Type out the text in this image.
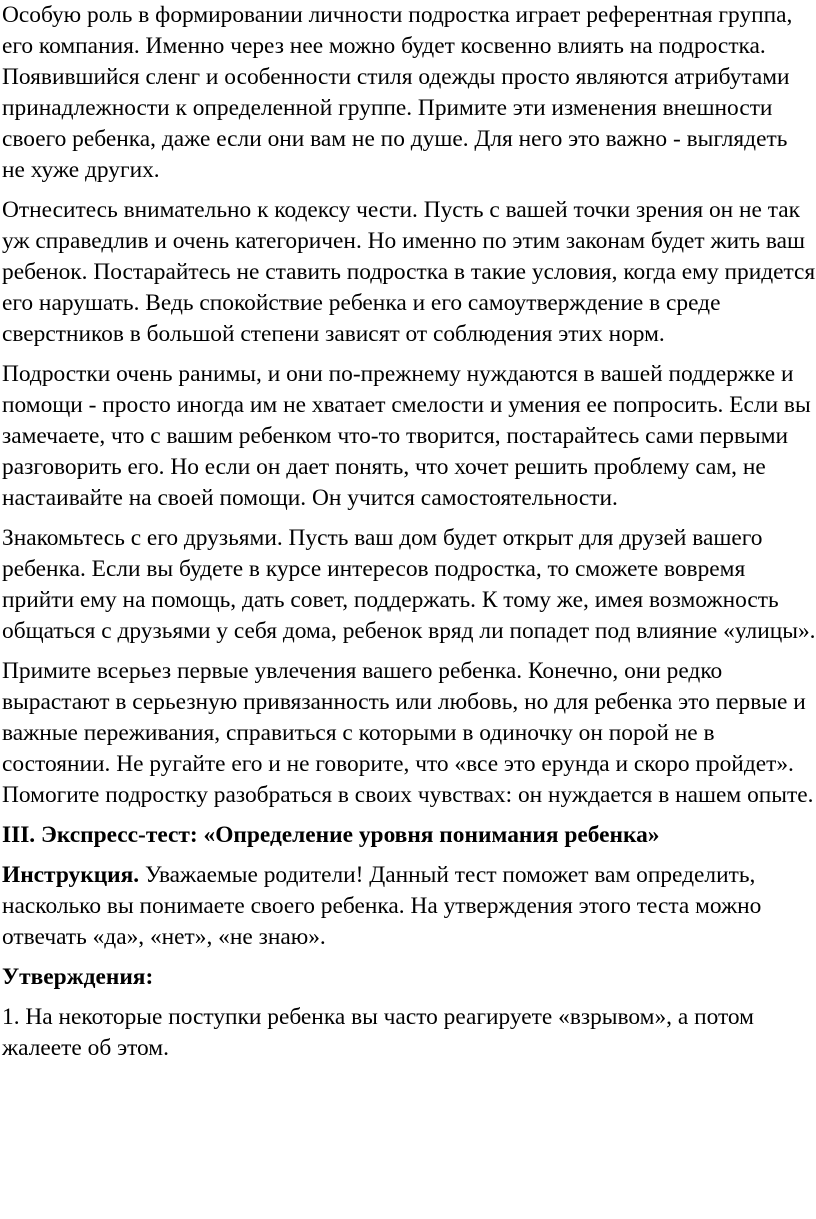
Особую роль в формировании личности подростка играет референтная группа, его компания. Именно через нее можно будет косвенно влиять на подростка. Появившийся сленг и особенности стиля одежды просто являются атрибутами принадлежности к определенной группе. Примите эти изменения внешности своего ребенка, даже если они вам не по душе. Для него это важно - выглядеть не хуже других.

Отнеситесь внимательно к кодексу чести. Пусть с вашей точки зрения он не так уж справедлив и очень категоричен. Но именно по этим законам будет жить ваш ребенок. Постарайтесь не ставить подростка в такие условия, когда ему придется его нарушать. Ведь спокойствие ребенка и его самоутверждение в среде сверстников в большой степени зависят от соблюдения этих норм.

Подростки очень ранимы, и они по-прежнему нуждаются в вашей поддержке и помощи - просто иногда им не хватает смелости и умения ее попросить. Если вы замечаете, что с вашим ребенком что-то творится, постарайтесь сами первыми разговорить его. Но если он дает понять, что хочет решить проблему сам, не настаивайте на своей помощи. Он учится самостоятельности.

Знакомьтесь с его друзьями. Пусть ваш дом будет открыт для друзей вашего ребенка. Если вы будете в курсе интересов подростка, то сможете вовремя прийти ему на помощь, дать совет, поддержать. К тому же, имея возможность общаться с друзьями у себя дома, ребенок вряд ли попадет под влияние «улицы».

Примите всерьез первые увлечения вашего ребенка. Конечно, они редко вырастают в серьезную привязанность или любовь, но для ребенка это первые и важные переживания, справиться с которыми в одиночку он порой не в состоянии. Не ругайте его и не говорите, что «все это ерунда и скоро пройдет». Помогите подростку разобраться в своих чувствах: он нуждается в нашем опыте.

III. Экспресс-тест: «Определение уровня понимания ребенка»

Инструкция. Уважаемые родители! Данный тест поможет вам определить, насколько вы понимаете своего ребенка. На утверждения этого теста можно отвечать «да», «нет», «не знаю».

Утверждения:

1. На некоторые поступки ребенка вы часто реагируете «взрывом», а потом жалеете об этом.
